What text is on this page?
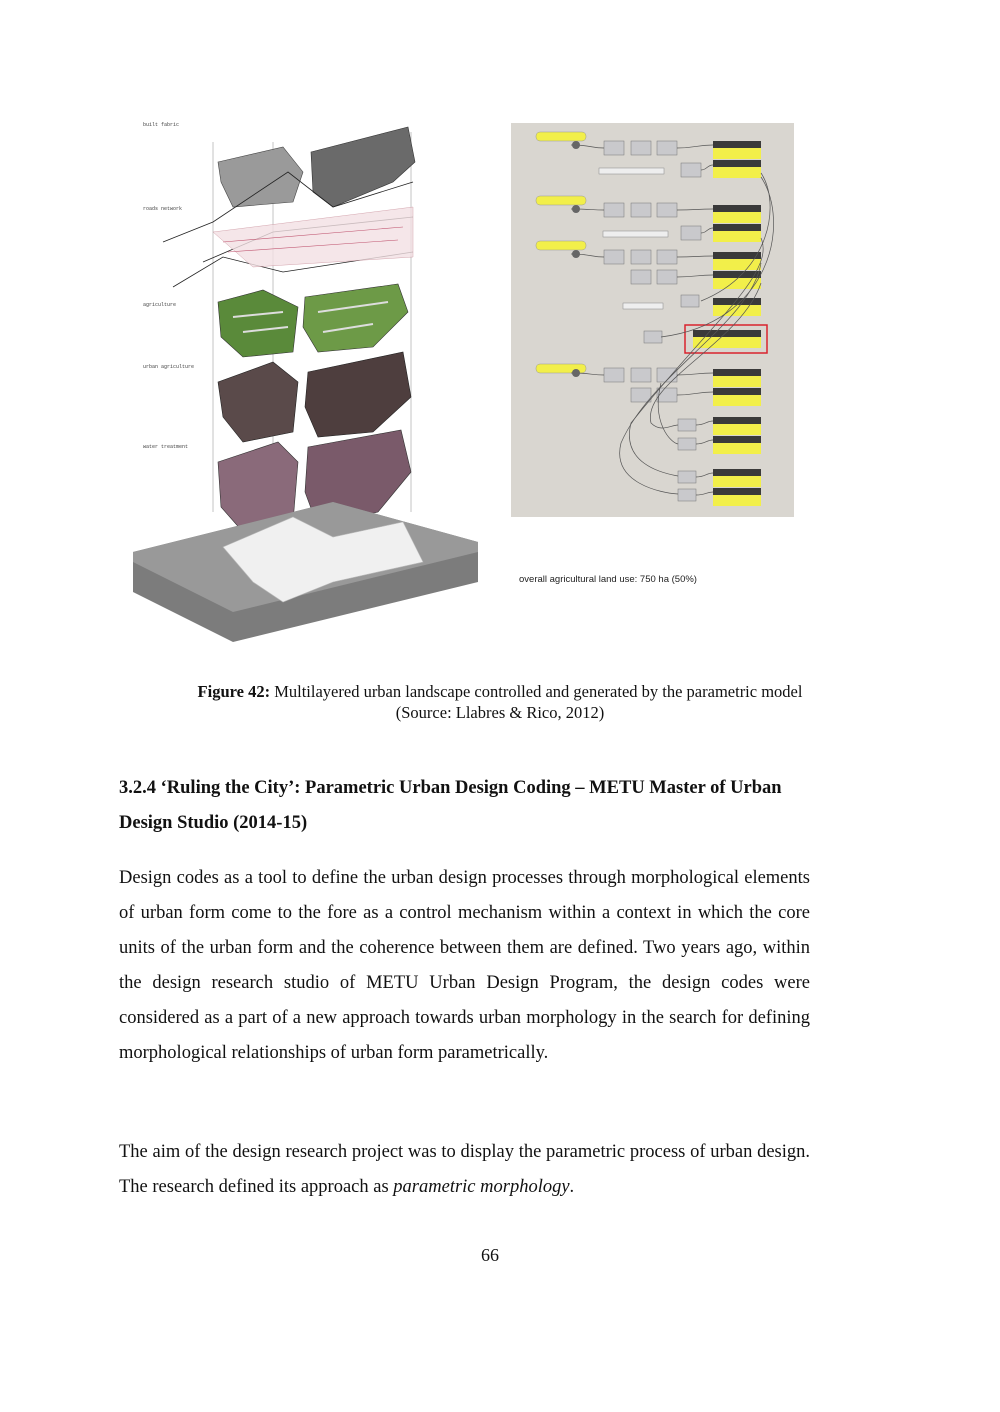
built fabric
roads network
agriculture
urban agriculture
water treatment
overall agricultural land use: 750 ha (50%)
Figure 42: Multilayered urban landscape controlled and generated by the parametric model
(Source: Llabres & Rico, 2012)
3.2.4 ‘Ruling the City’: Parametric Urban Design Coding – METU Master of Urban Design Studio (2014-15)
Design codes as a tool to define the urban design processes through morphological elements of urban form come to the fore as a control mechanism within a context in which the core units of the urban form and the coherence between them are defined. Two years ago, within the design research studio of METU Urban Design Program, the design codes were considered as a part of a new approach towards urban morphology in the search for defining morphological relationships of urban form parametrically.
The aim of the design research project was to display the parametric process of urban design. The research defined its approach as parametric morphology.
66
